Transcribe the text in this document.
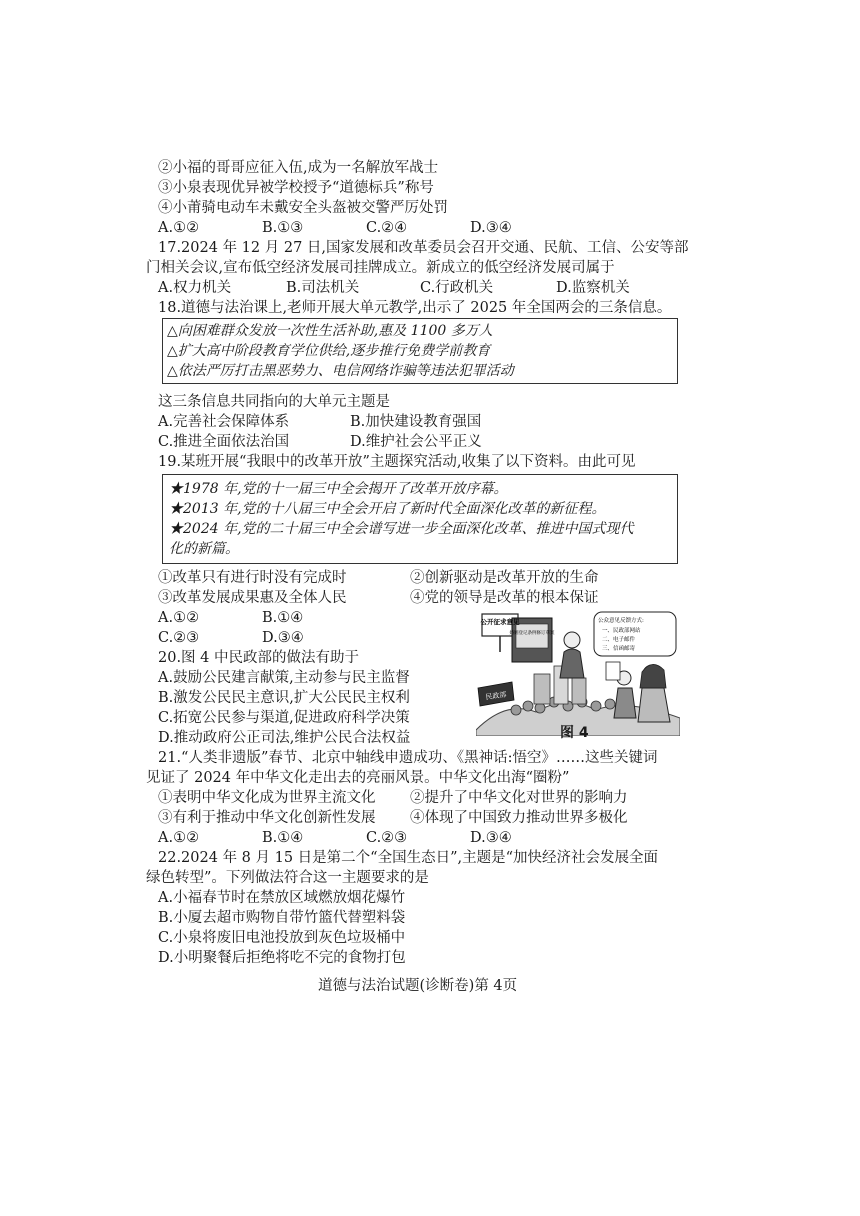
②小福的哥哥应征入伍,成为一名解放军战士
③小泉表现优异被学校授予“道德标兵”称号
④小莆骑电动车未戴安全头盔被交警严厉处罚
A.①②	B.①③	C.②④	D.③④
17.2024 年 12 月 27 日,国家发展和改革委员会召开交通、民航、工信、公安等部
门相关会议,宣布低空经济发展司挂牌成立。新成立的低空经济发展司属于
A.权力机关	B.司法机关	C.行政机关	D.监察机关
18.道德与法治课上,老师开展大单元教学,出示了 2025 年全国两会的三条信息。
△向困难群众发放一次性生活补助,惠及 1100 多万人
△扩大高中阶段教育学位供给,逐步推行免费学前教育
△依法严厉打击黑恶势力、电信网络诈骗等违法犯罪活动
这三条信息共同指向的大单元主题是
A.完善社会保障体系	B.加快建设教育强国
C.推进全面依法治国	D.维护社会公平正义
19.某班开展“我眼中的改革开放”主题探究活动,收集了以下资料。由此可见
★1978 年,党的十一届三中全会揭开了改革开放序幕。
★2013 年,党的十八届三中全会开启了新时代全面深化改革的新征程。
★2024 年,党的二十届三中全会谱写进一步全面深化改革、推进中国式现代
化的新篇。
①改革只有进行时没有完成时	②创新驱动是改革开放的生命
③改革发展成果惠及全体人民	④党的领导是改革的根本保证
A.①②	B.①④
C.②③	D.③④
20.图 4 中民政部的做法有助于
A.鼓励公民建言献策,主动参与民主监督
B.激发公民民主意识,扩大公民民主权利
C.拓宽公民参与渠道,促进政府科学决策
D.推动政府公正司法,维护公民合法权益
公开征求意见
婚姻登记条例修订草案
民政部
公众意见反馈方式:
一、民政部网站
二、电子邮件
三、信函邮寄
图 4
21.“人类非遗版”春节、北京中轴线申遗成功、《黑神话:悟空》……这些关键词
见证了 2024 年中华文化走出去的亮丽风景。中华文化出海“圈粉”
①表明中华文化成为世界主流文化 ②提升了中华文化对世界的影响力
③有利于推动中华文化创新性发展 ④体现了中国致力推动世界多极化
A.①②	B.①④	C.②③	D.③④
22.2024 年 8 月 15 日是第二个“全国生态日”,主题是“加快经济社会发展全面
绿色转型”。下列做法符合这一主题要求的是
A.小福春节时在禁放区域燃放烟花爆竹
B.小厦去超市购物自带竹篮代替塑料袋
C.小泉将废旧电池投放到灰色垃圾桶中
D.小明聚餐后拒绝将吃不完的食物打包
道德与法治试题(诊断卷)第 4页
